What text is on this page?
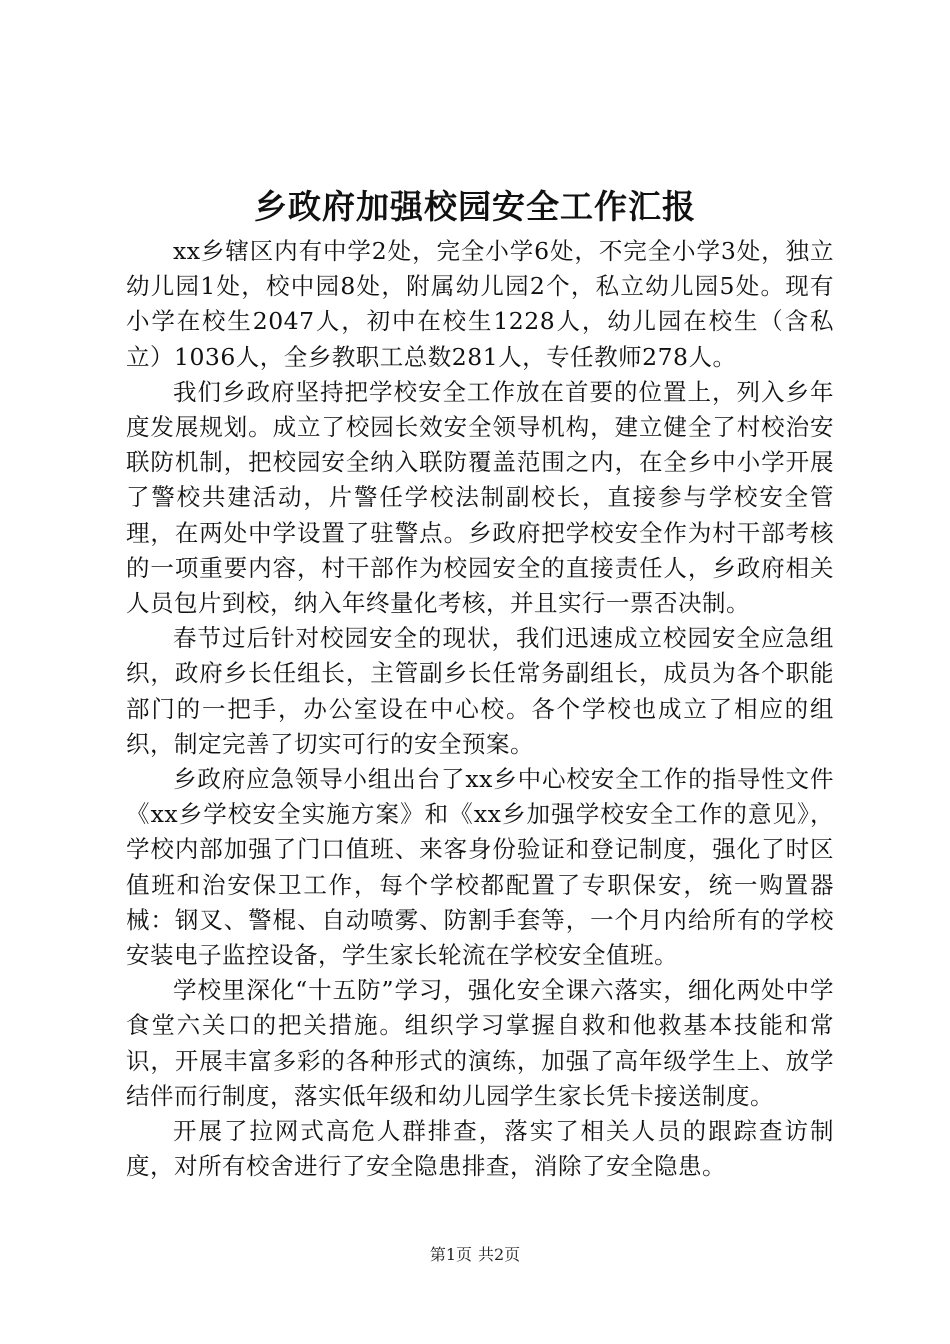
乡政府加强校园安全工作汇报

xx乡辖区内有中学2处，完全小学6处，不完全小学3处，独立幼儿园1处，校中园8处，附属幼儿园2个，私立幼儿园5处。现有小学在校生2047人，初中在校生1228人，幼儿园在校生（含私立）1036人，全乡教职工总数281人，专任教师278人。

我们乡政府坚持把学校安全工作放在首要的位置上，列入乡年度发展规划。成立了校园长效安全领导机构，建立健全了村校治安联防机制，把校园安全纳入联防覆盖范围之内，在全乡中小学开展了警校共建活动，片警任学校法制副校长，直接参与学校安全管理，在两处中学设置了驻警点。乡政府把学校安全作为村干部考核的一项重要内容，村干部作为校园安全的直接责任人，乡政府相关人员包片到校，纳入年终量化考核，并且实行一票否决制。

春节过后针对校园安全的现状，我们迅速成立校园安全应急组织，政府乡长任组长，主管副乡长任常务副组长，成员为各个职能部门的一把手，办公室设在中心校。各个学校也成立了相应的组织，制定完善了切实可行的安全预案。

乡政府应急领导小组出台了xx乡中心校安全工作的指导性文件《xx乡学校安全实施方案》和《xx乡加强学校安全工作的意见》，学校内部加强了门口值班、来客身份验证和登记制度，强化了时区值班和治安保卫工作，每个学校都配置了专职保安，统一购置器械：钢叉、警棍、自动喷雾、防割手套等，一个月内给所有的学校安装电子监控设备，学生家长轮流在学校安全值班。

学校里深化“十五防”学习，强化安全课六落实，细化两处中学食堂六关口的把关措施。组织学习掌握自救和他救基本技能和常识，开展丰富多彩的各种形式的演练，加强了高年级学生上、放学结伴而行制度，落实低年级和幼儿园学生家长凭卡接送制度。

开展了拉网式高危人群排查，落实了相关人员的跟踪查访制度，对所有校舍进行了安全隐患排查，消除了安全隐患。

第1页 共2页
